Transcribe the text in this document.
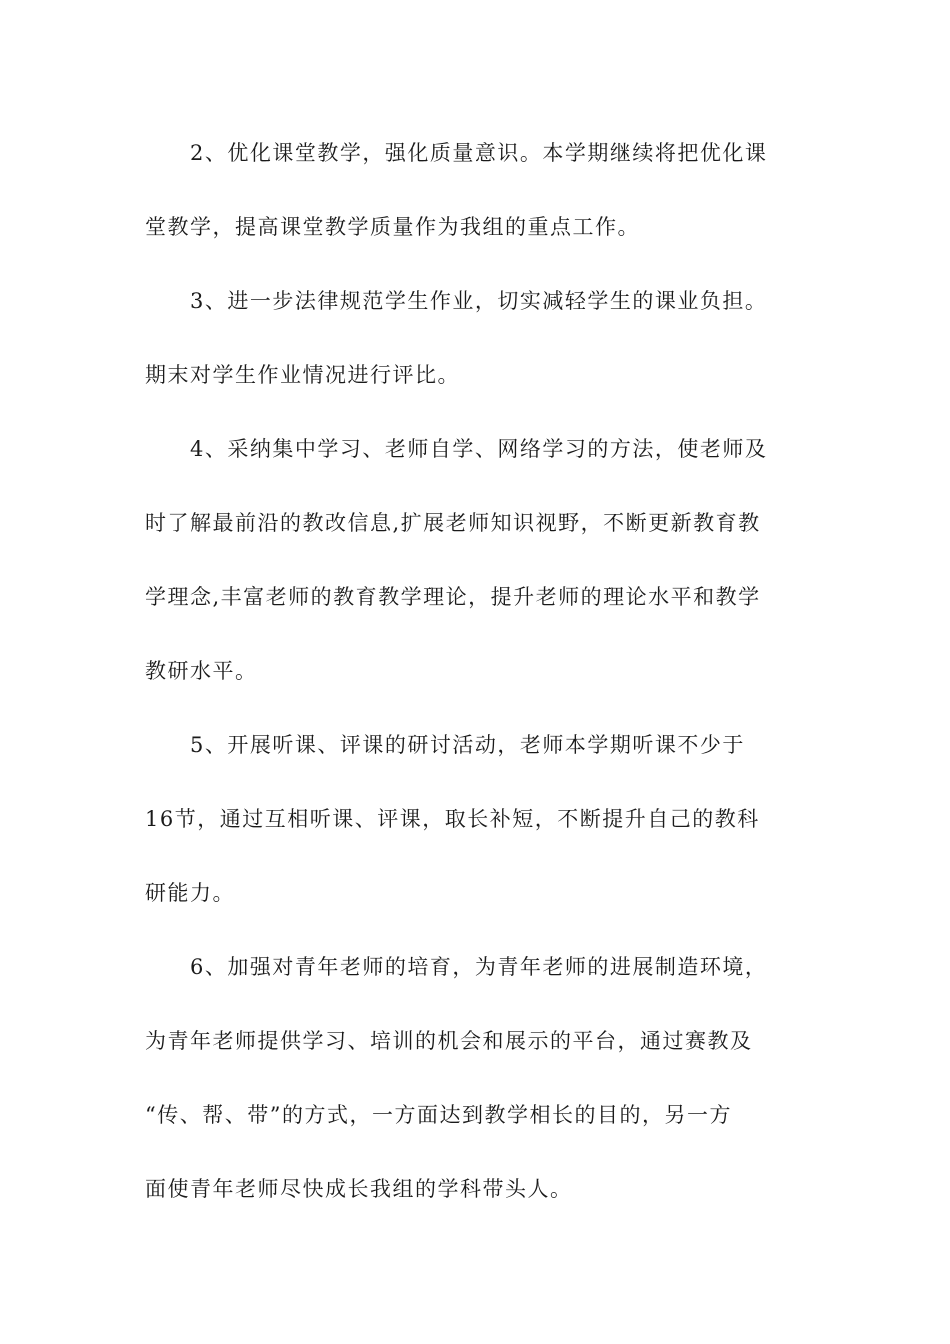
2、优化课堂教学，强化质量意识。本学期继续将把优化课
堂教学，提高课堂教学质量作为我组的重点工作。
3、进一步法律规范学生作业，切实减轻学生的课业负担。
期末对学生作业情况进行评比。
4、采纳集中学习、老师自学、网络学习的方法，使老师及
时了解最前沿的教改信息,扩展老师知识视野，不断更新教育教
学理念,丰富老师的教育教学理论，提升老师的理论水平和教学
教研水平。
5、开展听课、评课的研讨活动，老师本学期听课不少于
16节，通过互相听课、评课，取长补短，不断提升自己的教科
研能力。
6、加强对青年老师的培育，为青年老师的进展制造环境，
为青年老师提供学习、培训的机会和展示的平台，通过赛教及
“传、帮、带”的方式，一方面达到教学相长的目的，另一方
面使青年老师尽快成长我组的学科带头人。
